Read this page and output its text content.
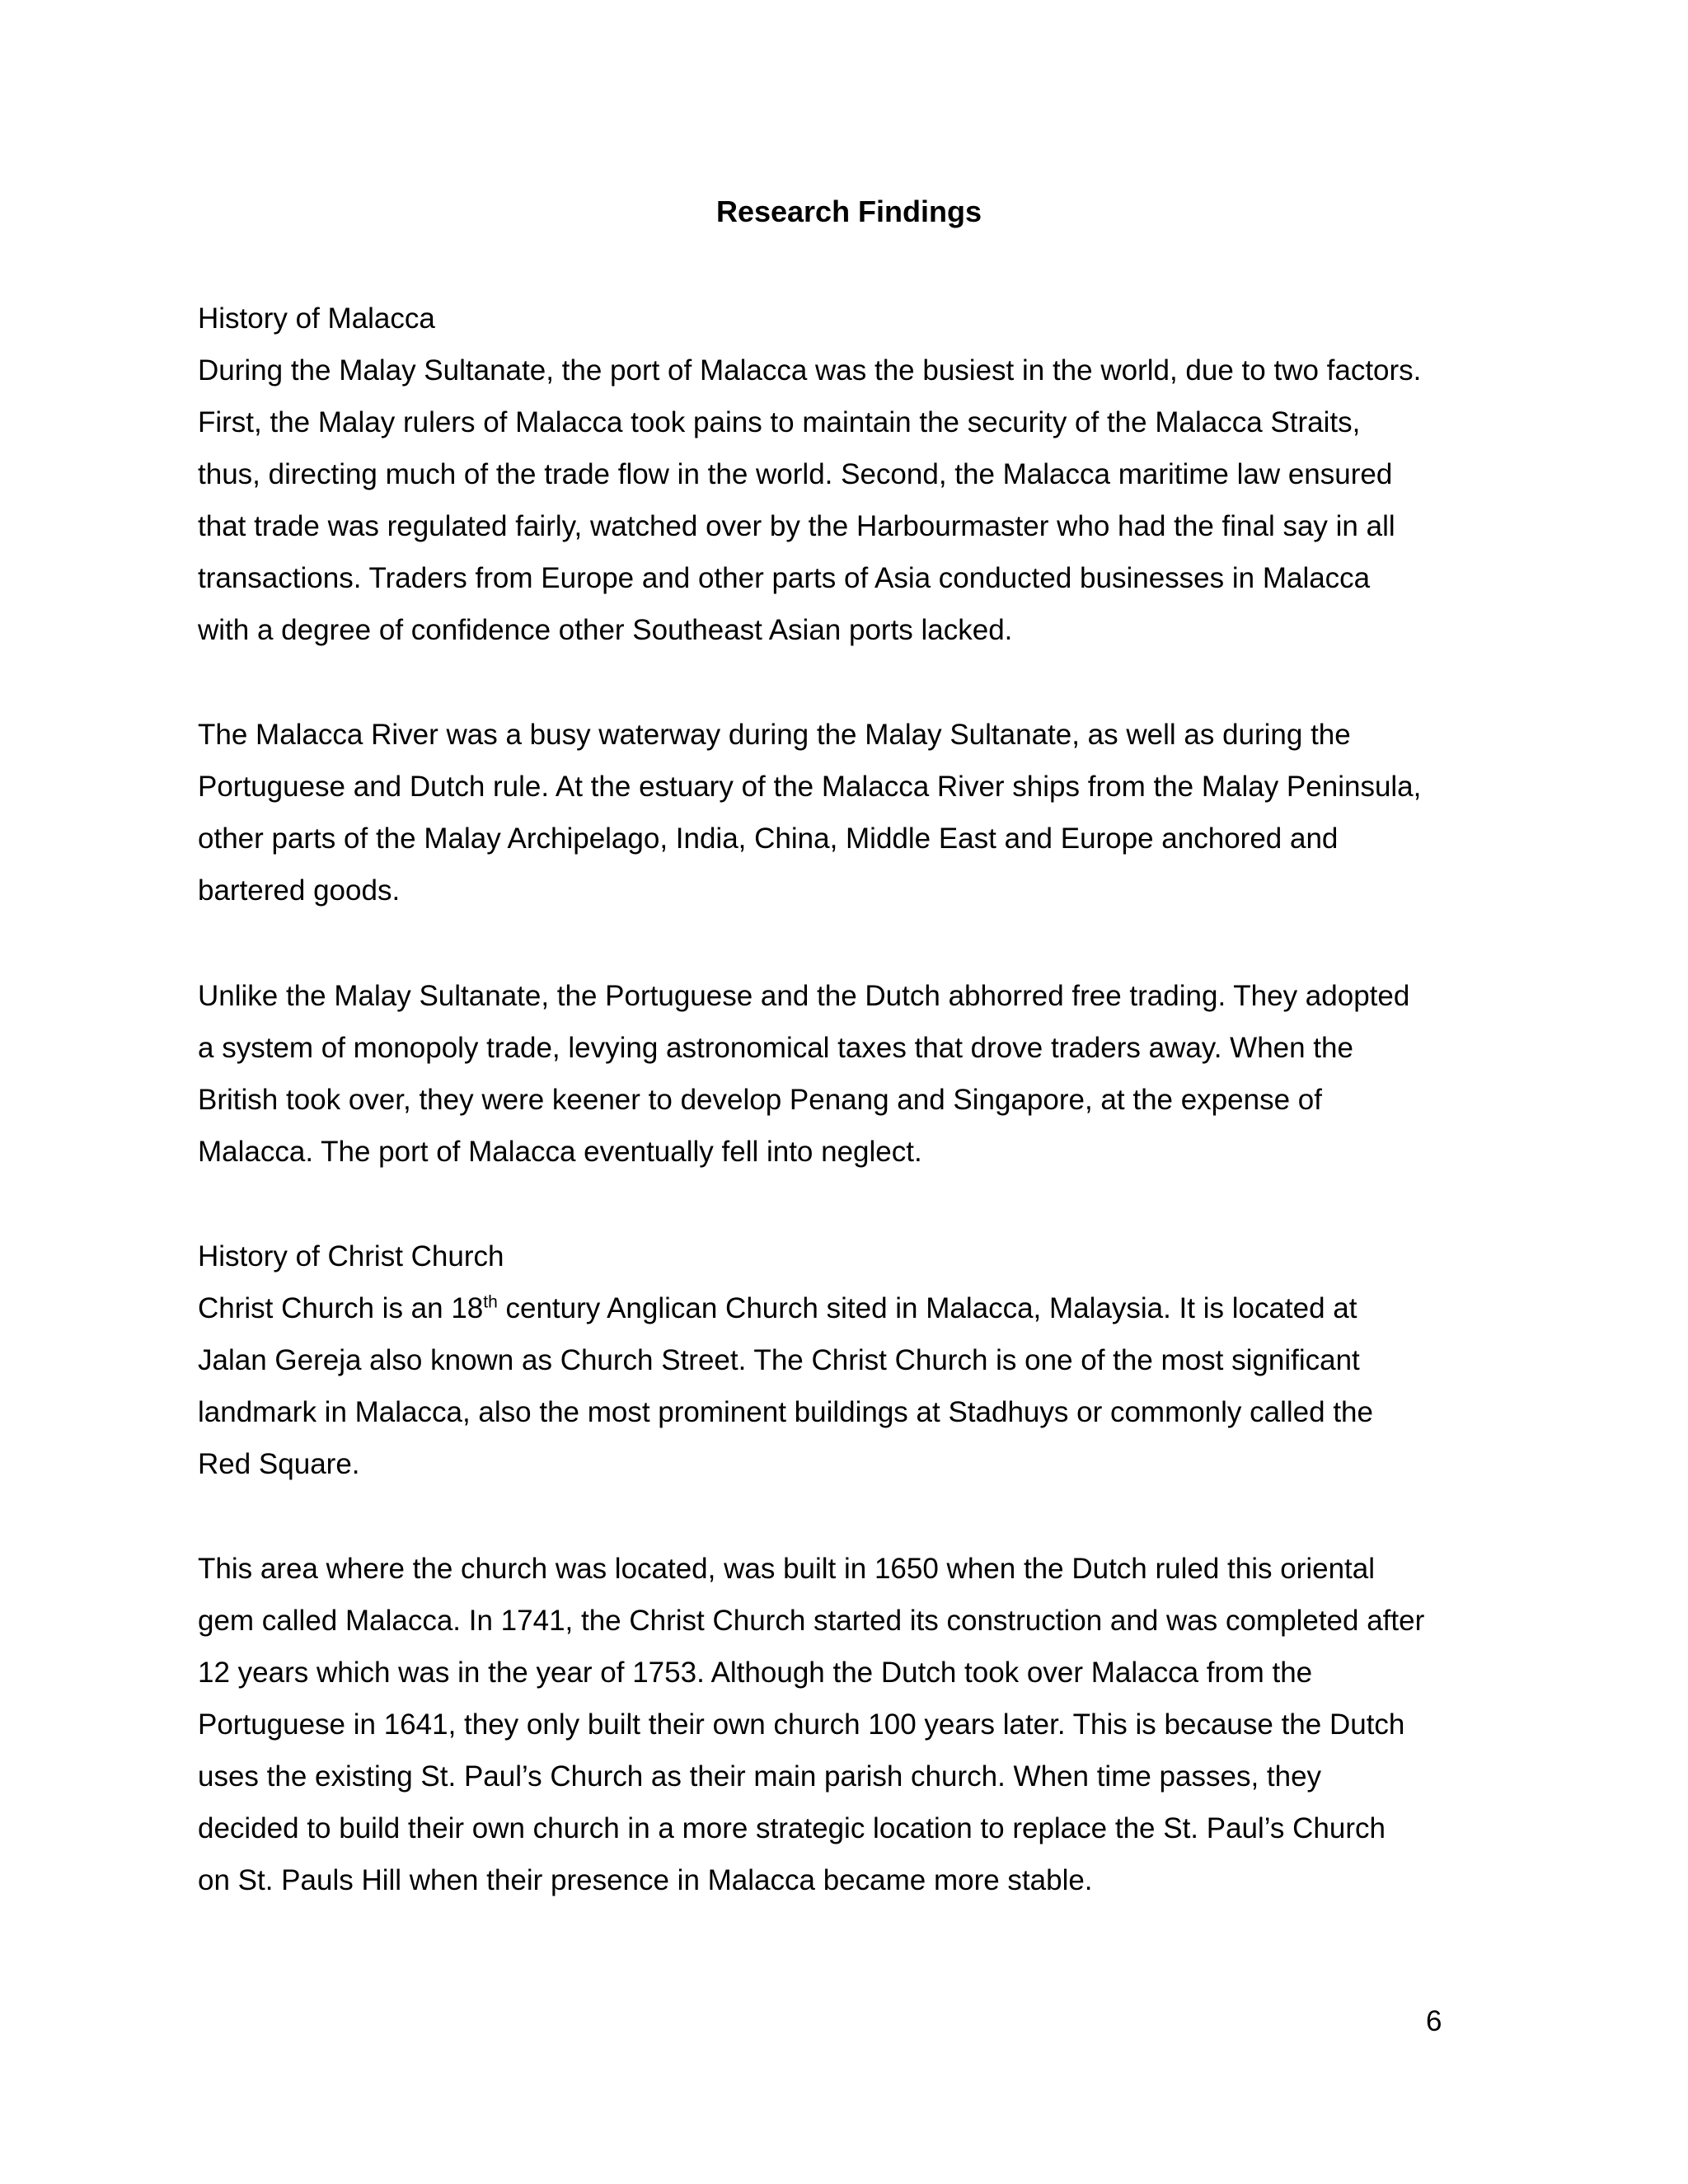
Research Findings
History of Malacca
During the Malay Sultanate, the port of Malacca was the busiest in the world, due to two factors.
First, the Malay rulers of Malacca took pains to maintain the security of the Malacca Straits,
thus, directing much of the trade flow in the world. Second, the Malacca maritime law ensured
that trade was regulated fairly, watched over by the Harbourmaster who had the final say in all
transactions. Traders from Europe and other parts of Asia conducted businesses in Malacca
with a degree of confidence other Southeast Asian ports lacked.
The Malacca River was a busy waterway during the Malay Sultanate, as well as during the
Portuguese and Dutch rule. At the estuary of the Malacca River ships from the Malay Peninsula,
other parts of the Malay Archipelago, India, China, Middle East and Europe anchored and
bartered goods.
Unlike the Malay Sultanate, the Portuguese and the Dutch abhorred free trading. They adopted
a system of monopoly trade, levying astronomical taxes that drove traders away. When the
British took over, they were keener to develop Penang and Singapore, at the expense of
Malacca. The port of Malacca eventually fell into neglect.
History of Christ Church
Christ Church is an 18th century Anglican Church sited in Malacca, Malaysia. It is located at
Jalan Gereja also known as Church Street. The Christ Church is one of the most significant
landmark in Malacca, also the most prominent buildings at Stadhuys or commonly called the
Red Square.
This area where the church was located, was built in 1650 when the Dutch ruled this oriental
gem called Malacca. In 1741, the Christ Church started its construction and was completed after
12 years which was in the year of 1753. Although the Dutch took over Malacca from the
Portuguese in 1641, they only built their own church 100 years later. This is because the Dutch
uses the existing St. Paul’s Church as their main parish church. When time passes, they
decided to build their own church in a more strategic location to replace the St. Paul’s Church
on St. Pauls Hill when their presence in Malacca became more stable.
6
